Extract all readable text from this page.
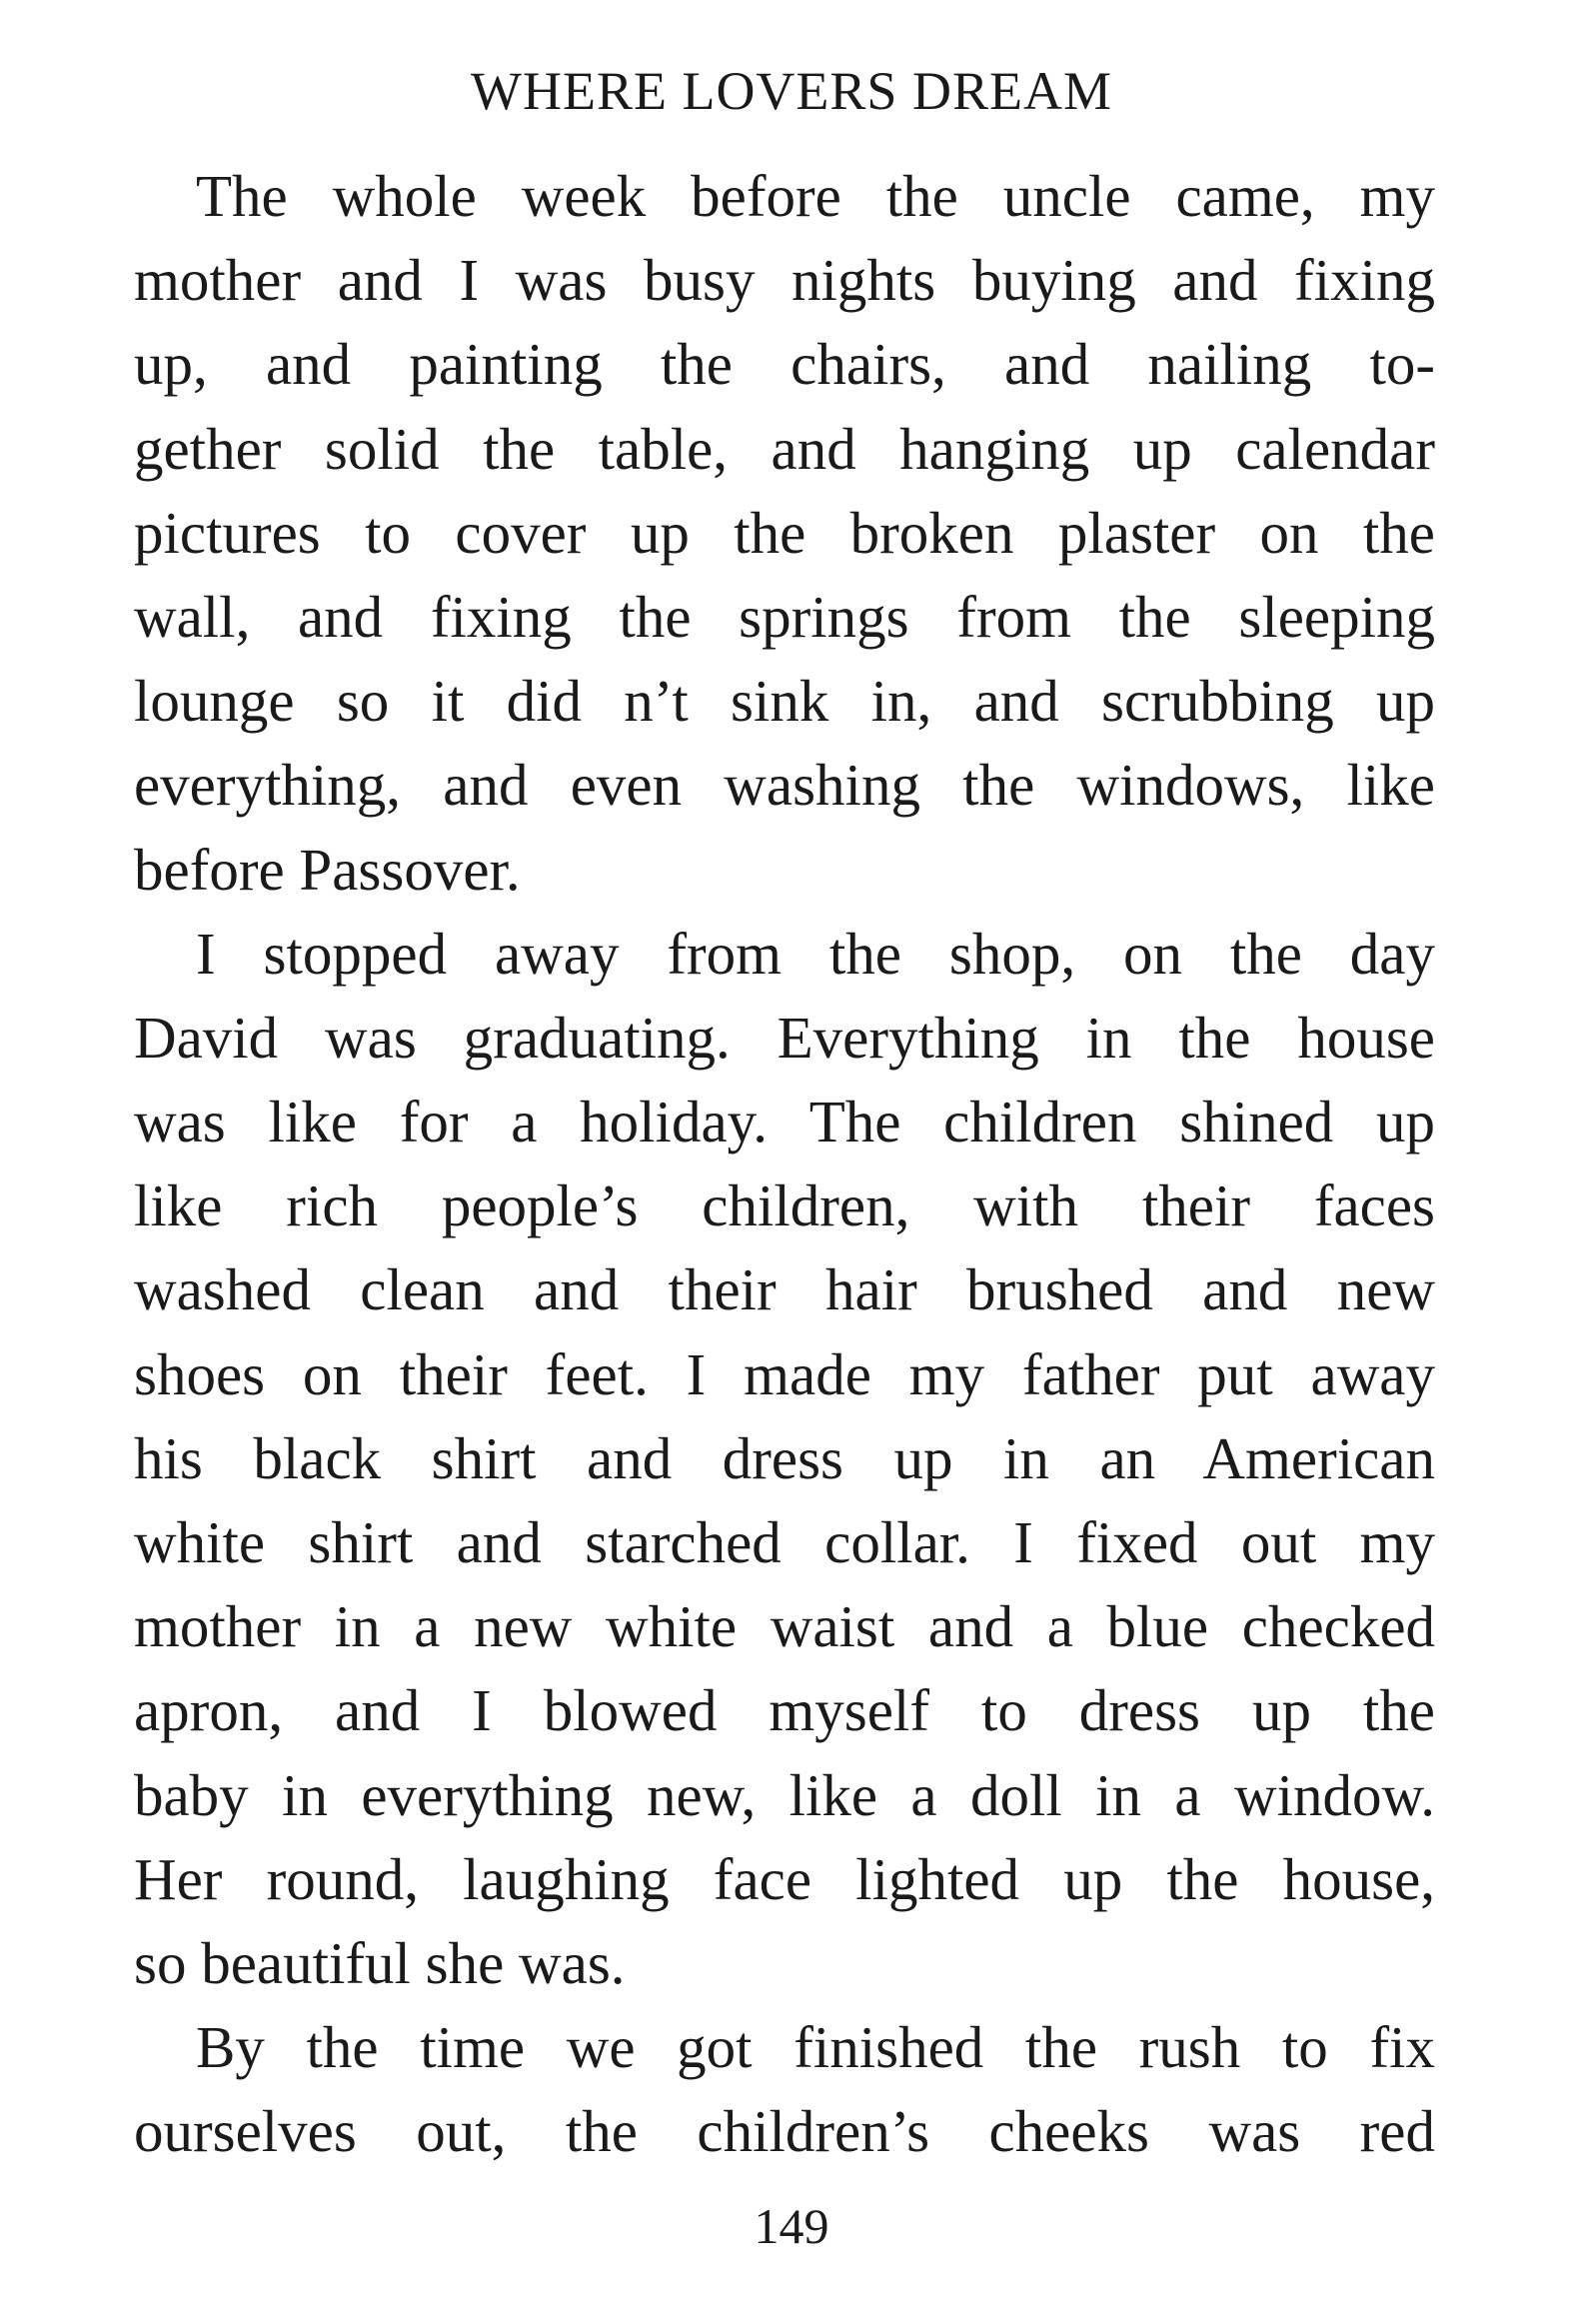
WHERE LOVERS DREAM
The whole week before the uncle came, my
mother and I was busy nights buying and fixing
up, and painting the chairs, and nailing to-
gether solid the table, and hanging up calendar
pictures to cover up the broken plaster on the
wall, and fixing the springs from the sleeping
lounge so it did n’t sink in, and scrubbing up
everything, and even washing the windows, like
before Passover.
I stopped away from the shop, on the day
David was graduating. Everything in the house
was like for a holiday. The children shined up
like rich people’s children, with their faces
washed clean and their hair brushed and new
shoes on their feet. I made my father put away
his black shirt and dress up in an American
white shirt and starched collar. I fixed out my
mother in a new white waist and a blue checked
apron, and I blowed myself to dress up the
baby in everything new, like a doll in a window.
Her round, laughing face lighted up the house,
so beautiful she was.
By the time we got finished the rush to fix
ourselves out, the children’s cheeks was red
149
